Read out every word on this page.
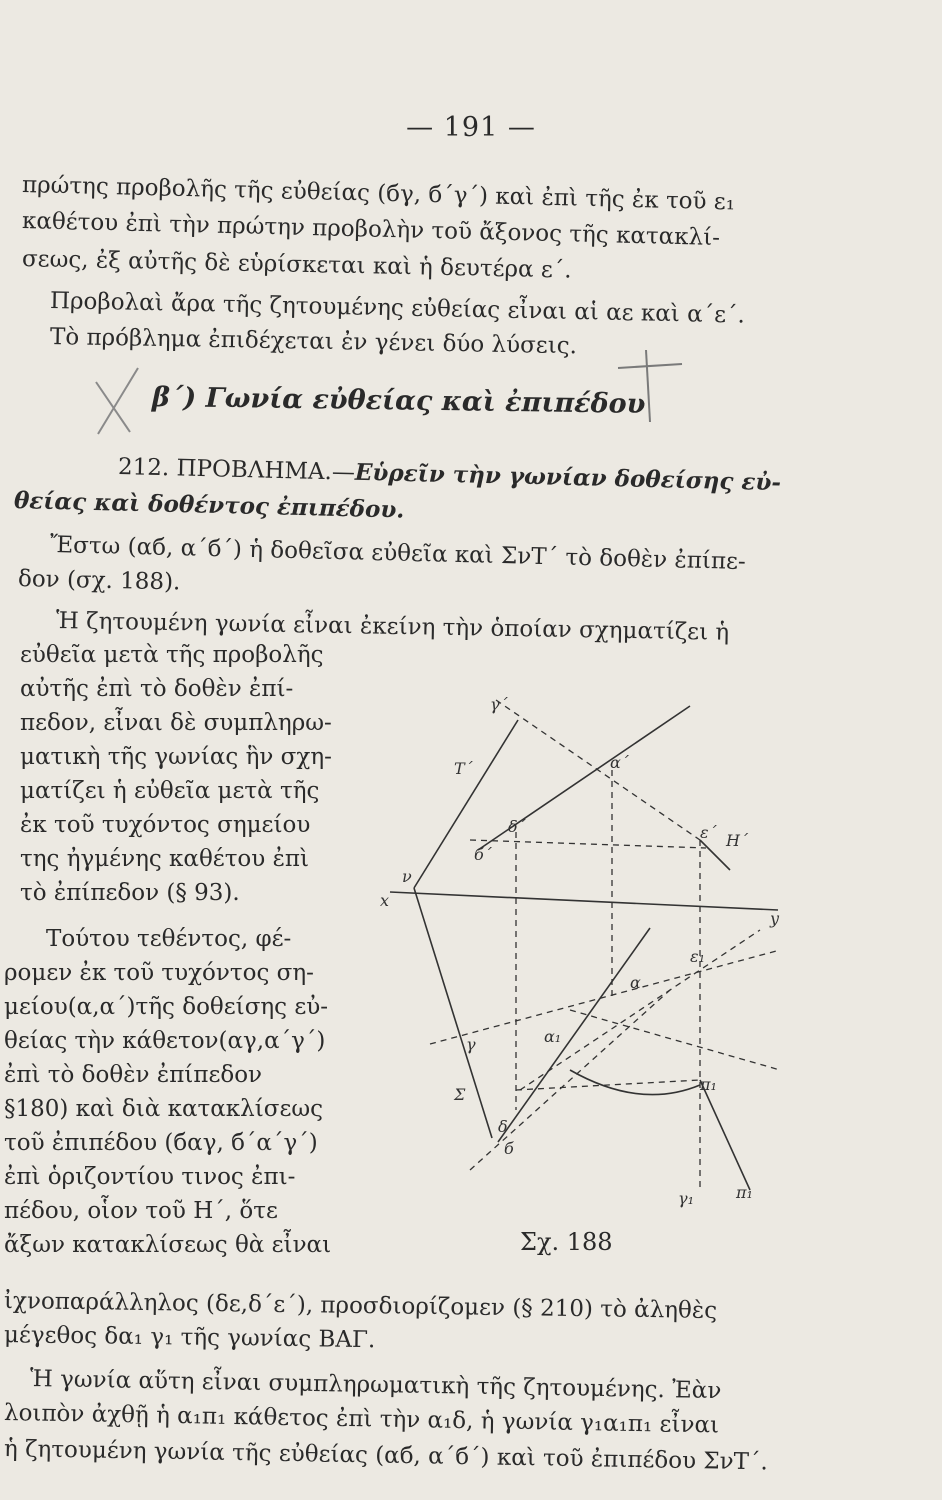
— 191 —
πρώτης προβολῆς τῆς εὐθείας (бγ, б΄γ΄) καὶ ἐπὶ τῆς ἐκ τοῦ ε₁
καθέτου ἐπὶ τὴν πρώτην προβολὴν τοῦ ἄξονος τῆς κατακλί-
σεως, ἐξ αὐτῆς δὲ εὑρίσκεται καὶ ἡ δευτέρα ε΄.
Προβολαὶ ἄρα τῆς ζητουμένης εὐθείας εἶναι αἱ αε καὶ α΄ε΄.
Τὸ πρόβλημα ἐπιδέχεται ἐν γένει δύο λύσεις.
β΄) Γωνία εὐθείας καὶ ἐπιπέδου
212. ΠΡΟΒΛΗΜΑ.—Εὑρεῖν τὴν γωνίαν δοθείσης εὐ-
θείας καὶ δοθέντος ἐπιπέδου.
Ἔστω (αб, α΄б΄) ἡ δοθεῖσα εὐθεῖα καὶ ΣνΤ΄ τὸ δοθὲν ἐπίπε-
δον (σχ. 188).
Ἡ ζητουμένη γωνία εἶναι ἐκείνη τὴν ὁποίαν σχηματίζει ἡ
εὐθεῖα μετὰ τῆς προβολῆς
αὐτῆς ἐπὶ τὸ δοθὲν ἐπί-
πεδον, εἶναι δὲ συμπληρω-
ματικὴ τῆς γωνίας ἣν σχη-
ματίζει ἡ εὐθεῖα μετὰ τῆς
ἐκ τοῦ τυχόντος σημείου
της ἠγμένης καθέτου ἐπὶ
τὸ ἐπίπεδον (§ 93).
Τούτου τεθέντος, φέ-
ρομεν ἐκ τοῦ τυχόντος ση-
μείου(α,α΄)τῆς δοθείσης εὐ-
θείας τὴν κάθετον(αγ,α΄γ΄)
ἐπὶ τὸ δοθὲν ἐπίπεδον
§180) καὶ διὰ κατακλίσεως
τοῦ ἐπιπέδου (бαγ, б΄α΄γ΄)
ἐπὶ ὁριζοντίου τινος ἐπι-
πέδου, οἷον τοῦ Η΄, ὅτε
ἄξων κατακλίσεως θὰ εἶναι
γ΄
Τ΄	α΄
δ΄
б΄
ε΄ Η΄
x
ν
y
ε₁
α
γ	α₁
π₁
Σ
δ
б
γ₁	π₁
Σχ. 188
ἰχνοπαράλληλος (δε,δ΄ε΄), προσδιορίζομεν (§ 210) τὸ ἀληθὲς
μέγεθος δα₁ γ₁ τῆς γωνίας ΒΑΓ.
Ἡ γωνία αὕτη εἶναι συμπληρωματικὴ τῆς ζητουμένης. Ἐὰν
λοιπὸν ἀχθῇ ἡ α₁π₁ κάθετος ἐπὶ τὴν α₁δ, ἡ γωνία γ₁α₁π₁ εἶναι
ἡ ζητουμένη γωνία τῆς εὐθείας (αб, α΄б΄) καὶ τοῦ ἐπιπέδου ΣνΤ΄.
